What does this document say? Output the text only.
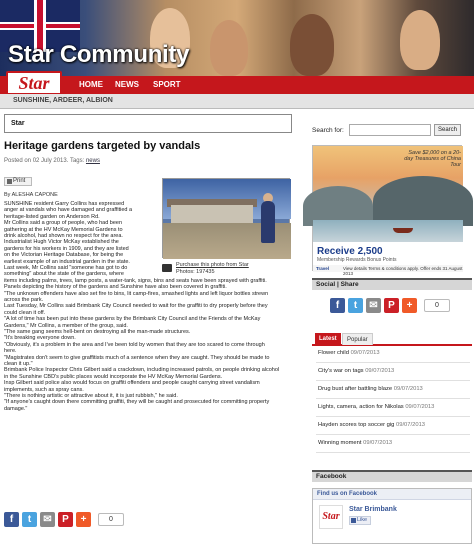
Star Community
Star	HOME NEWS SPORT
SUNSHINE, ARDEER, ALBION
Star
Heritage gardens targeted by vandals
Posted on 02 July 2013. Tags: news
Print
By ALESHA CAPONE
Purchase this photo from Star
Photos: 197435
SUNSHINE resident Garry Collins has expressed
anger at vandals who have damaged and graffitied a
heritage-listed garden on Anderson Rd.
Mr Collins said a group of people, who had been
gathering at the HV McKay Memorial Gardens to
drink alcohol, had shown no respect for the area.
Industrialist Hugh Victor McKay established the
gardens for his workers in 1909, and they are listed
on the Victorian Heritage Database, for being the
earliest example of an industrial garden in the state.
Last week, Mr Collins said "someone has got to do
something" about the state of the gardens, where
items including palms, trees, lamp posts, a water-tank, signs, bins and seats have been sprayed with graffiti.
Panels depicting the history of the gardens and Sunshine have also been covered in graffiti.
"The unknown offenders have also set fire to bins, lit camp-fires, smashed lights and left liquor bottles strewn
across the park.
Last Tuesday, Mr Collins said Brimbank City Council needed to wait for the graffiti to dry properly before they
could clean it off.
"A lot of time has been put into these gardens by the Brimbank City Council and the Friends of the McKay
Gardens," Mr Collins, a member of the group, said.
"The same gang seems hell-bent on destroying all the man-made structures.
"It's breaking everyone down.
"Obviously, it's a problem in the area and I've been told by women that they are too scared to come through
here.
"Magistrates don't seem to give graffitists much of a sentence when they are caught. They should be made to
clean it up."
Brimbank Police Inspector Chris Gilbert said a crackdown, including increased patrols, on people drinking alcohol
in the Sunshine CBD's public places would incorporate the HV McKay Memorial Gardens.
Insp Gilbert said police also would focus on graffiti offenders and people caught carrying street vandalism
implements, such as spray cans.
"There is nothing artistic or attractive about it, it is just rubbish," he said.
"If anyone's caught down there committing graffiti, they will be caught and prosecuted for committing property
damage."
f	t	✉	P	+	0
Search for:	Search
Save $2,000 on a 20-day Treasures of China Tour
Receive 2,500
Membership Rewards Bonus Points
Travel	View details Terms & conditions apply. Offer ends 31 August 2013
Social | Share
f	t	✉	P	+	0
Latest	Popular
Flower child 09/07/2013
City's war on tags 09/07/2013
Drug bust after battling blaze 09/07/2013
Lights, camera, action for Nikolas 09/07/2013
Hayden scores top soccer gig 09/07/2013
Winning moment 09/07/2013
Facebook
Find us on Facebook
Star
Star Brimbank
Like
